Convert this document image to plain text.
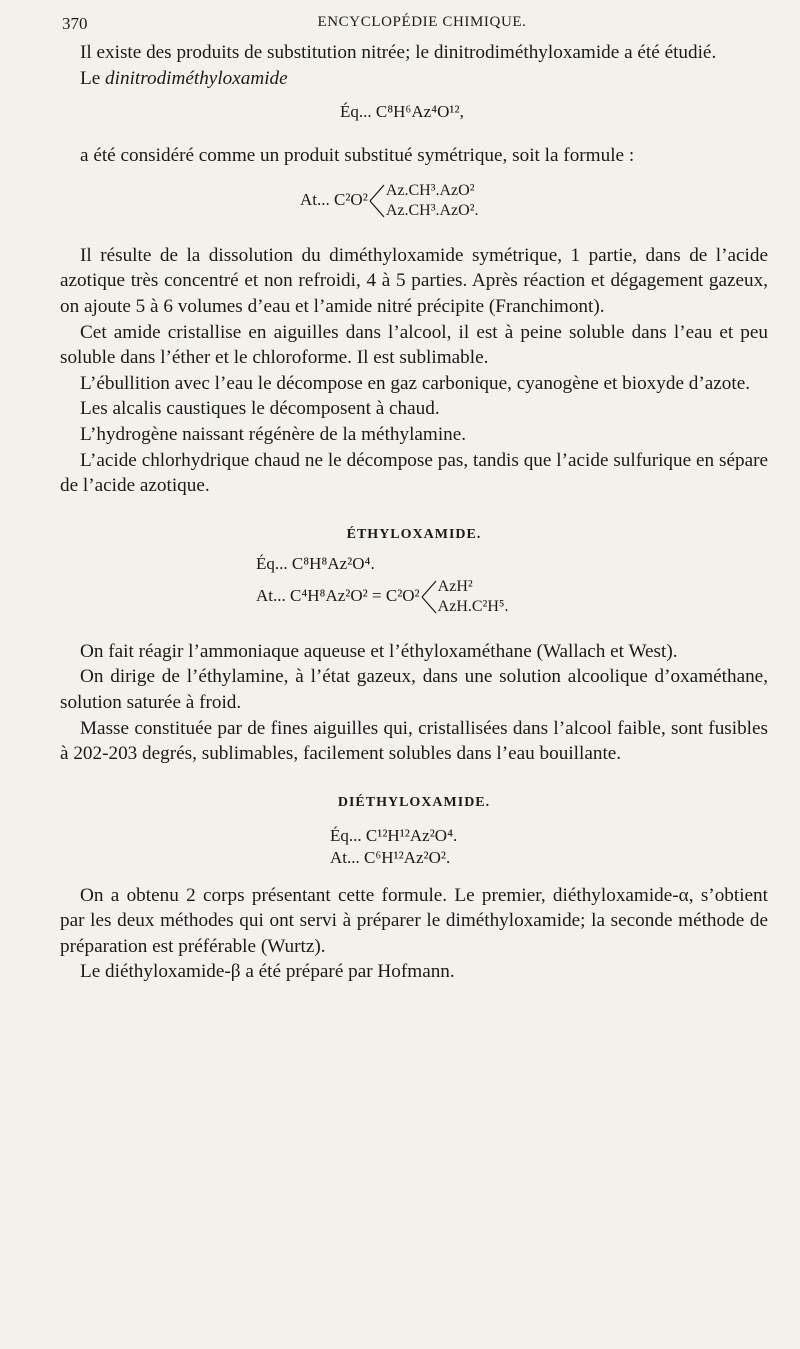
370	ENCYCLOPÉDIE CHIMIQUE.

Il existe des produits de substitution nitrée; le dinitrodiméthyloxamide a été étudié.

Le dinitrodiméthyloxamide

Éq... C⁸H⁶Az⁴O¹²,

a été considéré comme un produit substitué symétrique, soit la formule :

At... C²O² Az.CH³.AzO²
Az.CH³.AzO².

Il résulte de la dissolution du diméthyloxamide symétrique, 1 partie, dans de l’acide azotique très concentré et non refroidi, 4 à 5 parties. Après réaction et dégagement gazeux, on ajoute 5 à 6 volumes d’eau et l’amide nitré précipite (Franchimont).

Cet amide cristallise en aiguilles dans l’alcool, il est à peine soluble dans l’eau et peu soluble dans l’éther et le chloroforme. Il est sublimable.

L’ébullition avec l’eau le décompose en gaz carbonique, cyanogène et bioxyde d’azote.

Les alcalis caustiques le décomposent à chaud.

L’hydrogène naissant régénère de la méthylamine.

L’acide chlorhydrique chaud ne le décompose pas, tandis que l’acide sulfurique en sépare de l’acide azotique.

ÉTHYLOXAMIDE.
Éq... C⁸H⁸Az²O⁴.
At... C⁴H⁸Az²O² = C²O² AzH²
AzH.C²H⁵.

On fait réagir l’ammoniaque aqueuse et l’éthyloxaméthane (Wallach et West).

On dirige de l’éthylamine, à l’état gazeux, dans une solution alcoolique d’oxaméthane, solution saturée à froid.

Masse constituée par de fines aiguilles qui, cristallisées dans l’alcool faible, sont fusibles à 202-203 degrés, sublimables, facilement solubles dans l’eau bouillante.

DIÉTHYLOXAMIDE.
Éq... C¹²H¹²Az²O⁴.
At... C⁶H¹²Az²O².

On a obtenu 2 corps présentant cette formule. Le premier, diéthyloxamide-α, s’obtient par les deux méthodes qui ont servi à préparer le diméthyloxamide; la seconde méthode de préparation est préférable (Wurtz).

Le diéthyloxamide-β a été préparé par Hofmann.
